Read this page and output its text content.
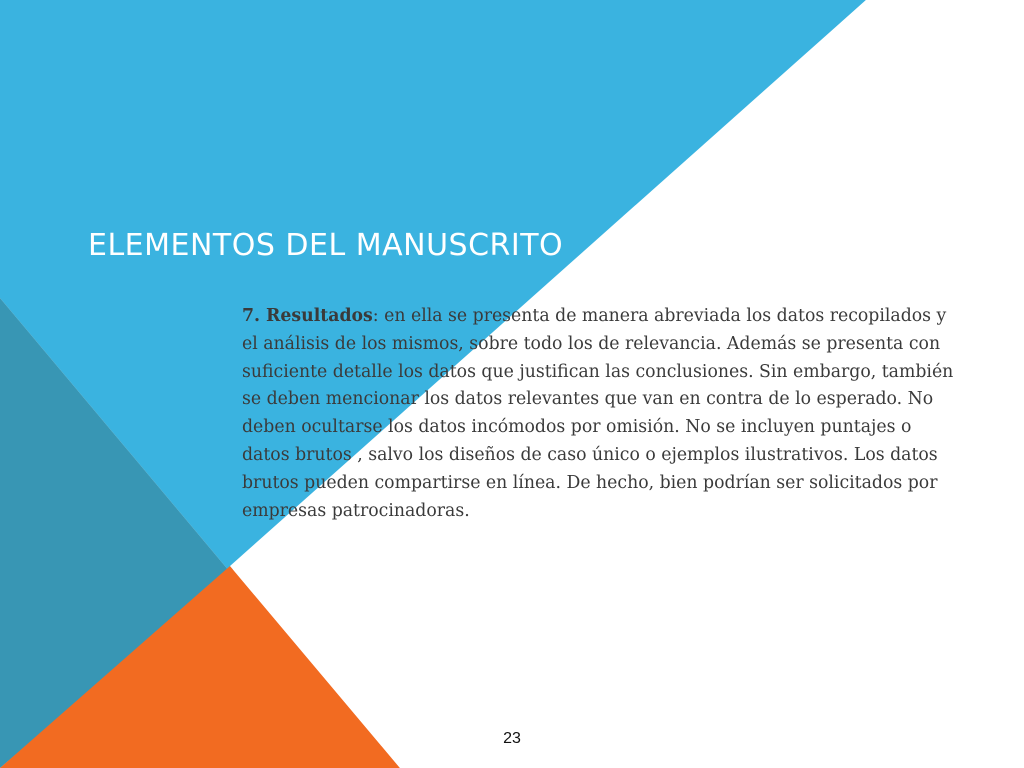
ELEMENTOS DEL MANUSCRITO

7. Resultados: en ella se presenta de manera abreviada los datos recopilados y el análisis de los mismos, sobre todo los de relevancia. Además se presenta con suficiente detalle los datos que justifican las conclusiones. Sin embargo, también se deben mencionar los datos relevantes que van en contra de lo esperado. No deben ocultarse los datos incómodos por omisión. No se incluyen puntajes o datos brutos , salvo los diseños de caso único o ejemplos ilustrativos. Los datos brutos pueden compartirse en línea. De hecho, bien podrían ser solicitados por empresas patrocinadoras.

23
